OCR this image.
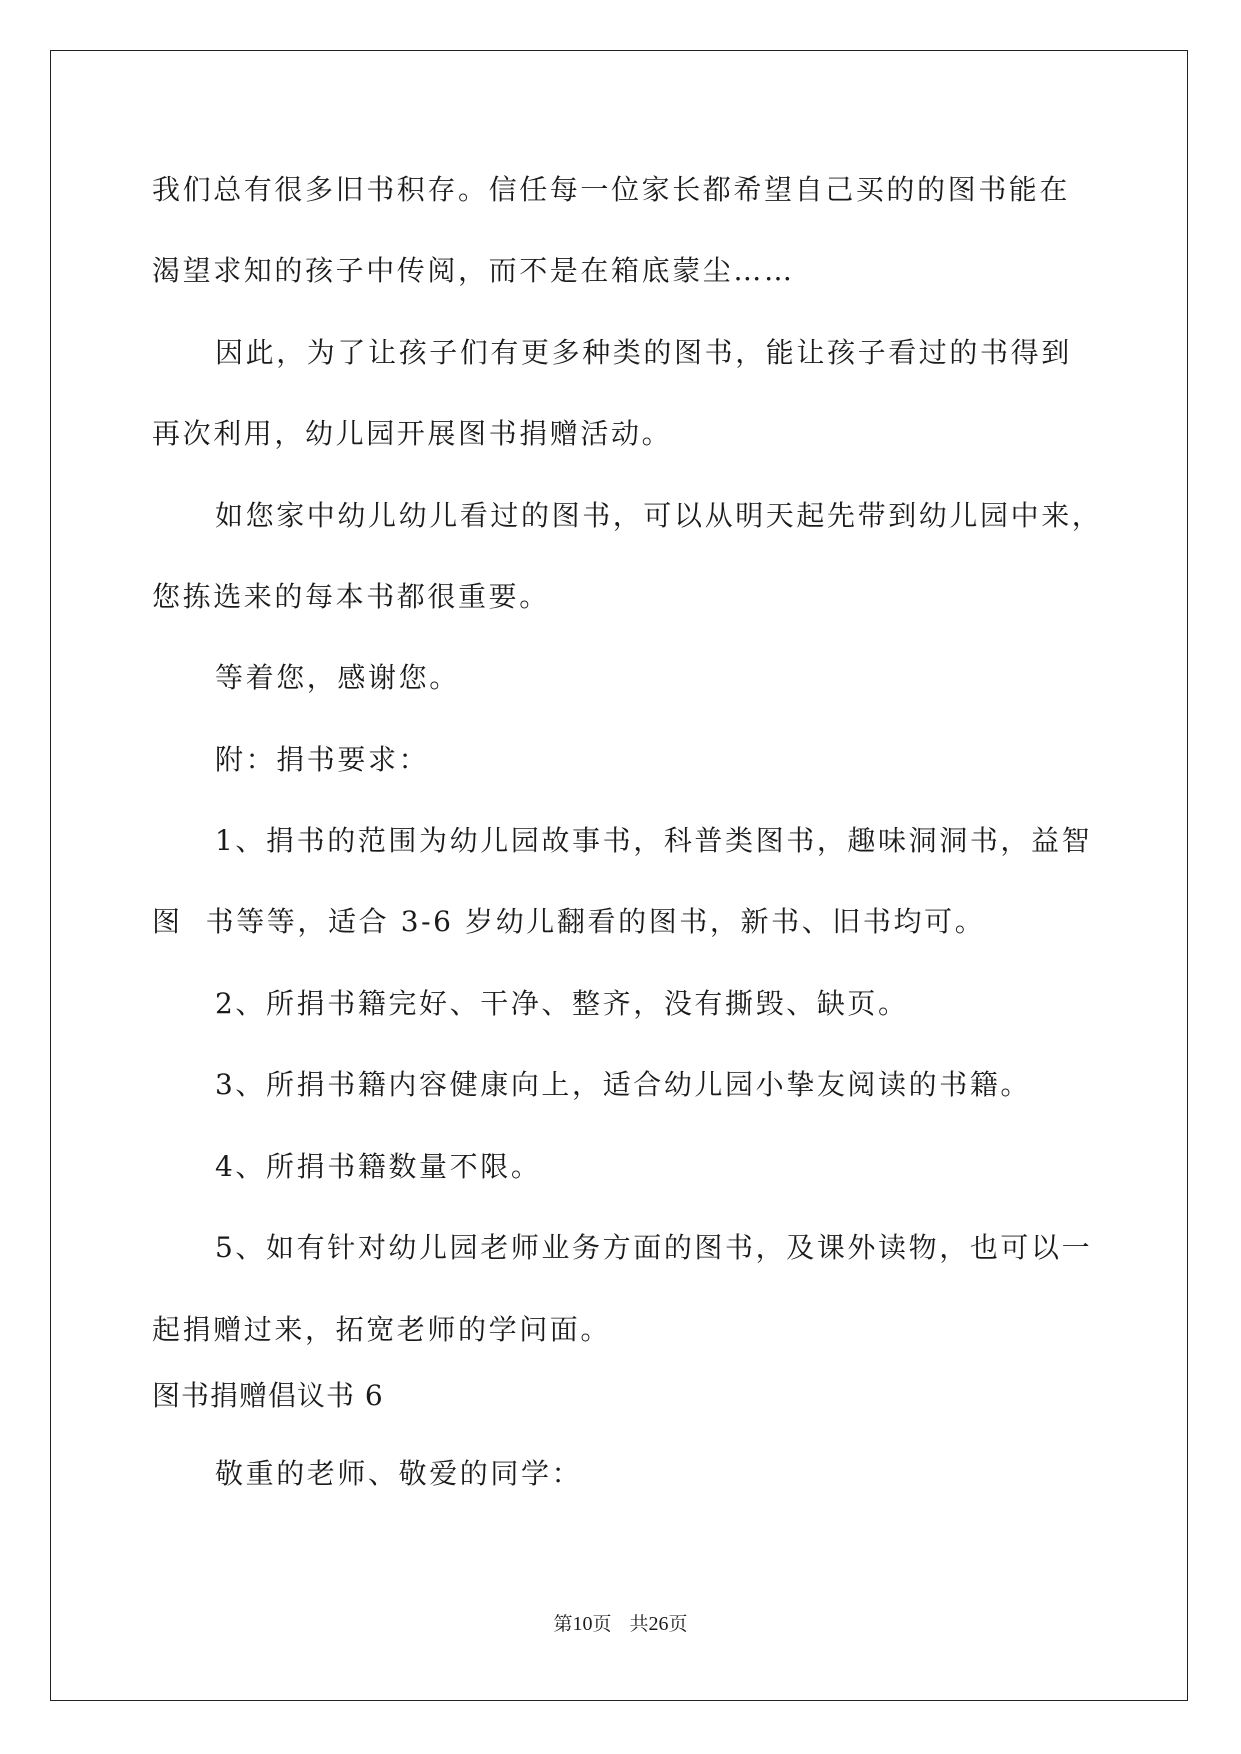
我们总有很多旧书积存。信任每一位家长都希望自己买的的图书能在
渴望求知的孩子中传阅，而不是在箱底蒙尘……
因此，为了让孩子们有更多种类的图书，能让孩子看过的书得到
再次利用，幼儿园开展图书捐赠活动。
如您家中幼儿幼儿看过的图书，可以从明天起先带到幼儿园中来，
您拣选来的每本书都很重要。
等着您，感谢您。
附：捐书要求：
1、捐书的范围为幼儿园故事书，科普类图书，趣味洞洞书，益智
图  书等等，适合 3-6 岁幼儿翻看的图书，新书、旧书均可。
2、所捐书籍完好、干净、整齐，没有撕毁、缺页。
3、所捐书籍内容健康向上，适合幼儿园小挚友阅读的书籍。
4、所捐书籍数量不限。
5、如有针对幼儿园老师业务方面的图书，及课外读物，也可以一
起捐赠过来，拓宽老师的学问面。
图书捐赠倡议书 6
敬重的老师、敬爱的同学：
第10页 共26页
